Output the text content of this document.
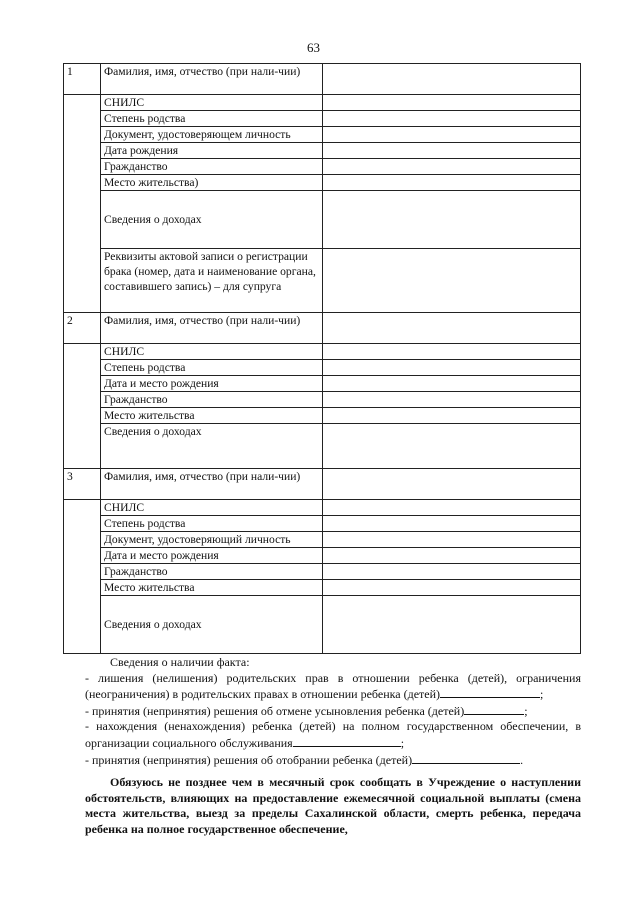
63
1	Фамилия, имя, отчество (при нали-чии)	
	СНИЛС	
	Степень родства	
	Документ, удостоверяющем личность	
	Дата рождения	
	Гражданство	
	Место жительства)	
	Сведения о доходах	
	Реквизиты актовой записи о регистрации брака (номер, дата и наименование органа, составившего запись) – для супруга	
2	Фамилия, имя, отчество (при нали-чии)	
	СНИЛС	
	Степень родства	
	Дата и место рождения	
	Гражданство	
	Место жительства	
	Сведения о доходах	
3	Фамилия, имя, отчество (при нали-чии)	
	СНИЛС	
	Степень родства	
	Документ, удостоверяющий личность	
	Дата и место рождения	
	Гражданство	
	Место жительства	
	Сведения о доходах	

Сведения о наличии факта:

- лишения (нелишения) родительских прав в отношении ребенка (детей), ограничения (неограничения) в родительских правах в отношении ребенка (детей)	;

- принятия (непринятия) решения об отмене усыновления ребенка (детей)	;

- нахождения (ненахождения) ребенка (детей) на полном государственном обеспечении, в организации социального обслуживания	;

- принятия (непринятия) решения об отобрании ребенка (детей)	.

Обязуюсь не позднее чем в месячный срок сообщать в Учреждение о наступлении обстоятельств, влияющих на предоставление ежемесячной социальной выплаты (смена места жительства, выезд за пределы Сахалинской области, смерть ребенка, передача ребенка на полное государственное обеспечение,
